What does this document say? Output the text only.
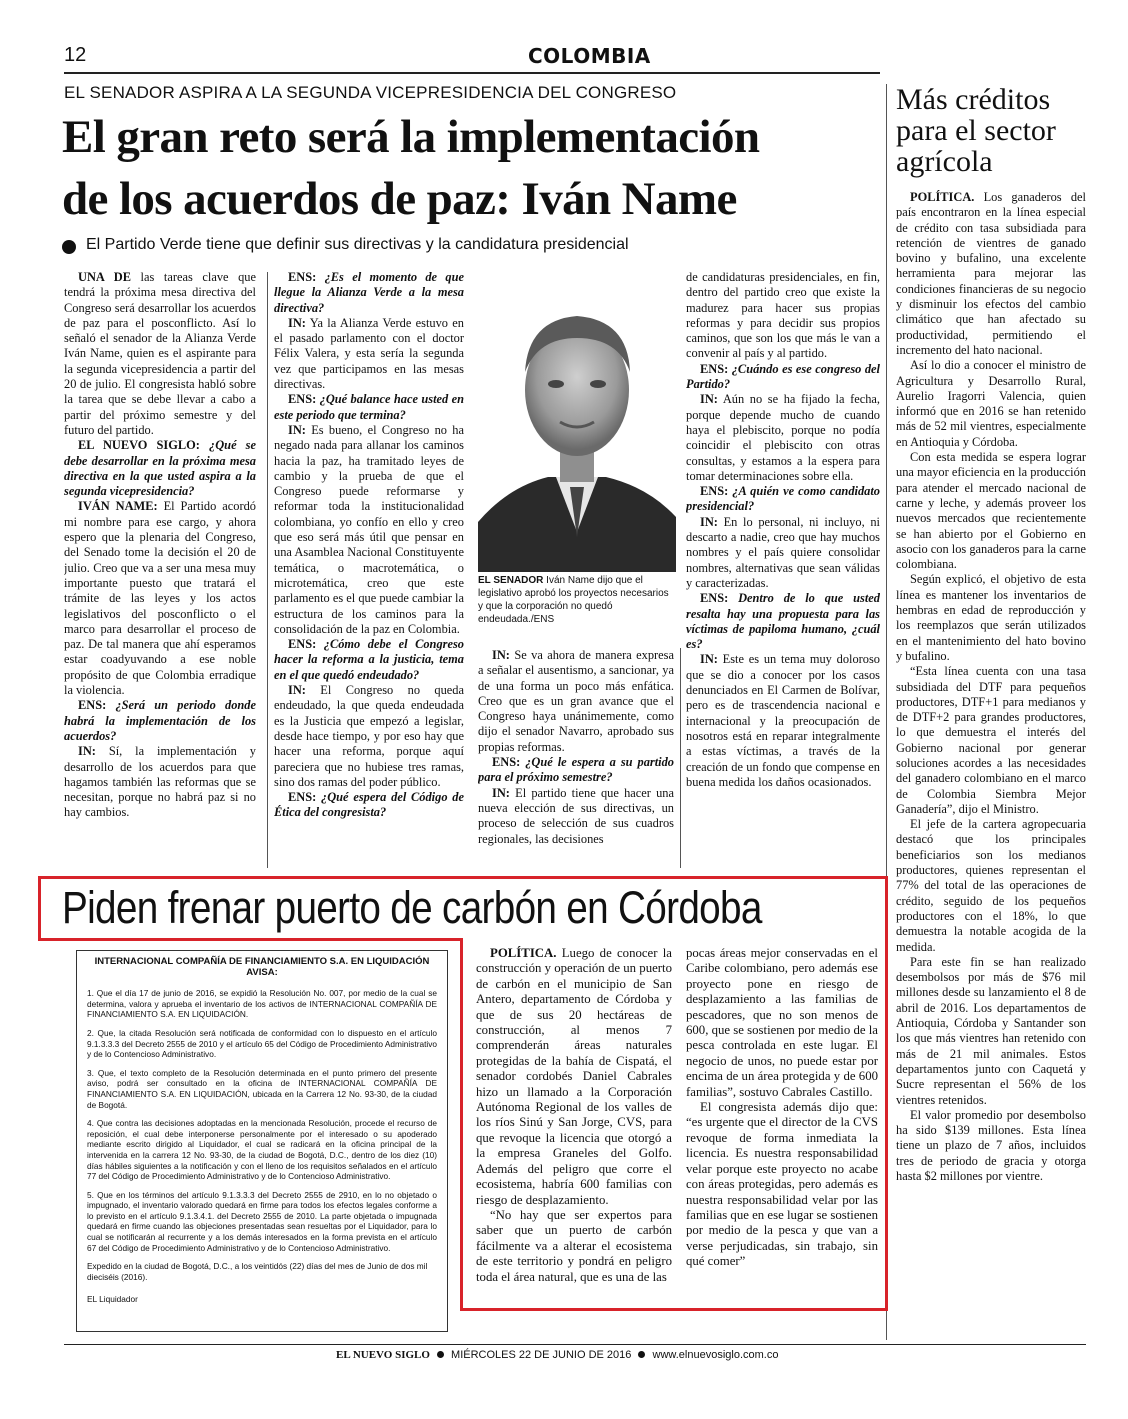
12	COLOMBIA
EL SENADOR ASPIRA A LA SEGUNDA VICEPRESIDENCIA DEL CONGRESO
El gran reto será la implementación
de los acuerdos de paz: Iván Name
El Partido Verde tiene que definir sus directivas y la candidatura presidencial

UNA DE las tareas clave que tendrá la próxima mesa directiva del Congreso será desarrollar los acuerdos de paz para el posconflicto. Así lo señaló el senador de la Alianza Verde Iván Name, quien es el aspirante para la segunda vicepresidencia a partir del 20 de julio. El congresista habló sobre la tarea que se debe llevar a cabo a partir del próximo semestre y del futuro del partido.

EL NUEVO SIGLO: ¿Qué se debe desarrollar en la próxima mesa directiva en la que usted aspira a la segunda vicepresidencia?

IVÁN NAME: El Partido acordó mi nombre para ese cargo, y ahora espero que la plenaria del Congreso, del Senado tome la decisión el 20 de julio. Creo que va a ser una mesa muy importante puesto que tratará el trámite de las leyes y los actos legislativos del posconflicto o el marco para desarrollar el proceso de paz. De tal manera que ahí esperamos estar coadyuvando a ese noble propósito de que Colombia erradique la violencia.

ENS: ¿Será un periodo donde habrá la implementación de los acuerdos?

IN: Sí, la implementación y desarrollo de los acuerdos para que hagamos también las reformas que se necesitan, porque no habrá paz si no hay cambios.

ENS: ¿Es el momento de que llegue la Alianza Verde a la mesa directiva?

IN: Ya la Alianza Verde estuvo en el pasado parlamento con el doctor Félix Valera, y esta sería la segunda vez que participamos en las mesas directivas.

ENS: ¿Qué balance hace usted en este periodo que termina?

IN: Es bueno, el Congreso no ha negado nada para allanar los caminos hacia la paz, ha tramitado leyes de cambio y la prueba de que el Congreso puede reformarse y reformar toda la institucionalidad colombiana, yo confío en ello y creo que eso será más útil que pensar en una Asamblea Nacional Constituyente temática, o macrotemática, o microtemática, creo que este parlamento es el que puede cambiar la estructura de los caminos para la consolidación de la paz en Colombia.

ENS: ¿Cómo debe el Congreso hacer la reforma a la justicia, tema en el que quedó endeudado?

IN: El Congreso no queda endeudado, la que queda endeudada es la Justicia que empezó a legislar, desde hace tiempo, y por eso hay que hacer una reforma, porque aquí pareciera que no hubiese tres ramas, sino dos ramas del poder público.

ENS: ¿Qué espera del Código de Ética del congresista?

EL SENADOR Iván Name dijo que el legislativo aprobó los proyectos necesarios y que la corporación no quedó endeudada./ENS

IN: Se va ahora de manera expresa a señalar el ausentismo, a sancionar, ya de una forma un poco más enfática. Creo que es un gran avance que el Congreso haya unánimemente, como dijo el senador Navarro, aprobado sus propias reformas.

ENS: ¿Qué le espera a su partido para el próximo semestre?

IN: El partido tiene que hacer una nueva elección de sus directivas, un proceso de selección de sus cuadros regionales, las decisiones

de candidaturas presidenciales, en fin, dentro del partido creo que existe la madurez para hacer sus propias reformas y para decidir sus propios caminos, que son los que más le van a convenir al país y al partido.

ENS: ¿Cuándo es ese congreso del Partido?

IN: Aún no se ha fijado la fecha, porque depende mucho de cuando haya el plebiscito, porque no podía coincidir el plebiscito con otras consultas, y estamos a la espera para tomar determinaciones sobre ella.

ENS: ¿A quién ve como candidato presidencial?

IN: En lo personal, ni incluyo, ni descarto a nadie, creo que hay muchos nombres y el país quiere consolidar nombres, alternativas que sean válidas y caracterizadas.

ENS: Dentro de lo que usted resalta hay una propuesta para las víctimas de papiloma humano, ¿cuál es?

IN: Este es un tema muy doloroso que se dio a conocer por los casos denunciados en El Carmen de Bolívar, pero es de trascendencia nacional e internacional y la preocupación de nosotros está en reparar integralmente a estas víctimas, a través de la creación de un fondo que compense en buena medida los daños ocasionados.

Más créditos para el sector agrícola

POLÍTICA. Los ganaderos del país encontraron en la línea especial de crédito con tasa subsidiada para retención de vientres de ganado bovino y bufalino, una excelente herramienta para mejorar las condiciones financieras de su negocio y disminuir los efectos del cambio climático que han afectado su productividad, permitiendo el incremento del hato nacional.

Así lo dio a conocer el ministro de Agricultura y Desarrollo Rural, Aurelio Iragorri Valencia, quien informó que en 2016 se han retenido más de 52 mil vientres, especialmente en Antioquia y Córdoba.

Con esta medida se espera lograr una mayor eficiencia en la producción para atender el mercado nacional de carne y leche, y además proveer los nuevos mercados que recientemente se han abierto por el Gobierno en asocio con los ganaderos para la carne colombiana.

Según explicó, el objetivo de esta línea es mantener los inventarios de hembras en edad de reproducción y los reemplazos que serán utilizados en el mantenimiento del hato bovino y bufalino.

“Esta línea cuenta con una tasa subsidiada del DTF para pequeños productores, DTF+1 para medianos y de DTF+2 para grandes productores, lo que demuestra el interés del Gobierno nacional por generar soluciones acordes a las necesidades del ganadero colombiano en el marco de Colombia Siembra Mejor Ganadería”, dijo el Ministro.

El jefe de la cartera agropecuaria destacó que los principales beneficiarios son los medianos productores, quienes representan el 77% del total de las operaciones de crédito, seguido de los pequeños productores con el 18%, lo que demuestra la notable acogida de la medida.

Para este fin se han realizado desembolsos por más de $76 mil millones desde su lanzamiento el 8 de abril de 2016. Los departamentos de Antioquia, Córdoba y Santander son los que más vientres han retenido con más de 21 mil animales. Estos departamentos junto con Caquetá y Sucre representan el 56% de los vientres retenidos.

El valor promedio por desembolso ha sido $139 millones. Esta línea tiene un plazo de 7 años, incluidos tres de periodo de gracia y otorga hasta $2 millones por vientre.

Piden frenar puerto de carbón en Córdoba
INTERNACIONAL COMPAÑÍA DE FINANCIAMIENTO S.A. EN LIQUIDACIÓN
AVISA:
1. Que el día 17 de junio de 2016, se expidió la Resolución No. 007, por medio de la cual se determina, valora y aprueba el inventario de los activos de INTERNACIONAL COMPAÑÍA DE FINANCIAMIENTO S.A. EN LIQUIDACIÓN.
2. Que, la citada Resolución será notificada de conformidad con lo dispuesto en el artículo 9.1.3.3.3 del Decreto 2555 de 2010 y el artículo 65 del Código de Procedimiento Administrativo y de lo Contencioso Administrativo.
3. Que, el texto completo de la Resolución determinada en el punto primero del presente aviso, podrá ser consultado en la oficina de INTERNACIONAL COMPAÑÍA DE FINANCIAMIENTO S.A. EN LIQUIDACIÓN, ubicada en la Carrera 12 No. 93-30, de la ciudad de Bogotá.
4. Que contra las decisiones adoptadas en la mencionada Resolución, procede el recurso de reposición, el cual debe interponerse personalmente por el interesado o su apoderado mediante escrito dirigido al Liquidador, el cual se radicará en la oficina principal de la intervenida en la carrera 12 No. 93-30, de la ciudad de Bogotá, D.C., dentro de los diez (10) días hábiles siguientes a la notificación y con el lleno de los requisitos señalados en el artículo 77 del Código de Procedimiento Administrativo y de lo Contencioso Administrativo.
5. Que en los términos del artículo 9.1.3.3.3 del Decreto 2555 de 2910, en lo no objetado o impugnado, el inventario valorado quedará en firme para todos los efectos legales conforme a lo previsto en el artículo 9.1.3.4.1. del Decreto 2555 de 2010. La parte objetada o impugnada quedará en firme cuando las objeciones presentadas sean resueltas por el Liquidador, para lo cual se notificarán al recurrente y a los demás interesados en la forma prevista en el artículo 67 del Código de Procedimiento Administrativo y de lo Contencioso Administrativo.
Expedido en la ciudad de Bogotá, D.C., a los veintidós (22) días del mes de Junio de dos mil dieciséis (2016).
EL Liquidador

POLÍTICA. Luego de conocer la construcción y operación de un puerto de carbón en el municipio de San Antero, departamento de Córdoba y que de sus 20 hectáreas de construcción, al menos 7 comprenderán áreas naturales protegidas de la bahía de Cispatá, el senador cordobés Daniel Cabrales hizo un llamado a la Corporación Autónoma Regional de los valles de los ríos Sinú y San Jorge, CVS, para que revoque la licencia que otorgó a la empresa Graneles del Golfo. Además del peligro que corre el ecosistema, habría 600 familias con riesgo de desplazamiento.

“No hay que ser expertos para saber que un puerto de carbón fácilmente va a alterar el ecosistema de este territorio y pondrá en peligro toda el área natural, que es una de las

pocas áreas mejor conservadas en el Caribe colombiano, pero además ese proyecto pone en riesgo de desplazamiento a las familias de pescadores, que no son menos de 600, que se sostienen por medio de la pesca controlada en este lugar. El negocio de unos, no puede estar por encima de un área protegida y de 600 familias”, sostuvo Cabrales Castillo.

El congresista además dijo que: “es urgente que el director de la CVS revoque de forma inmediata la licencia. Es nuestra responsabilidad velar porque este proyecto no acabe con áreas protegidas, pero además es nuestra responsabilidad velar por las familias que en ese lugar se sostienen por medio de la pesca y que van a verse perjudicadas, sin trabajo, sin qué comer”

EL NUEVO SIGLO MIÉRCOLES 22 DE JUNIO DE 2016 www.elnuevosiglo.com.co
